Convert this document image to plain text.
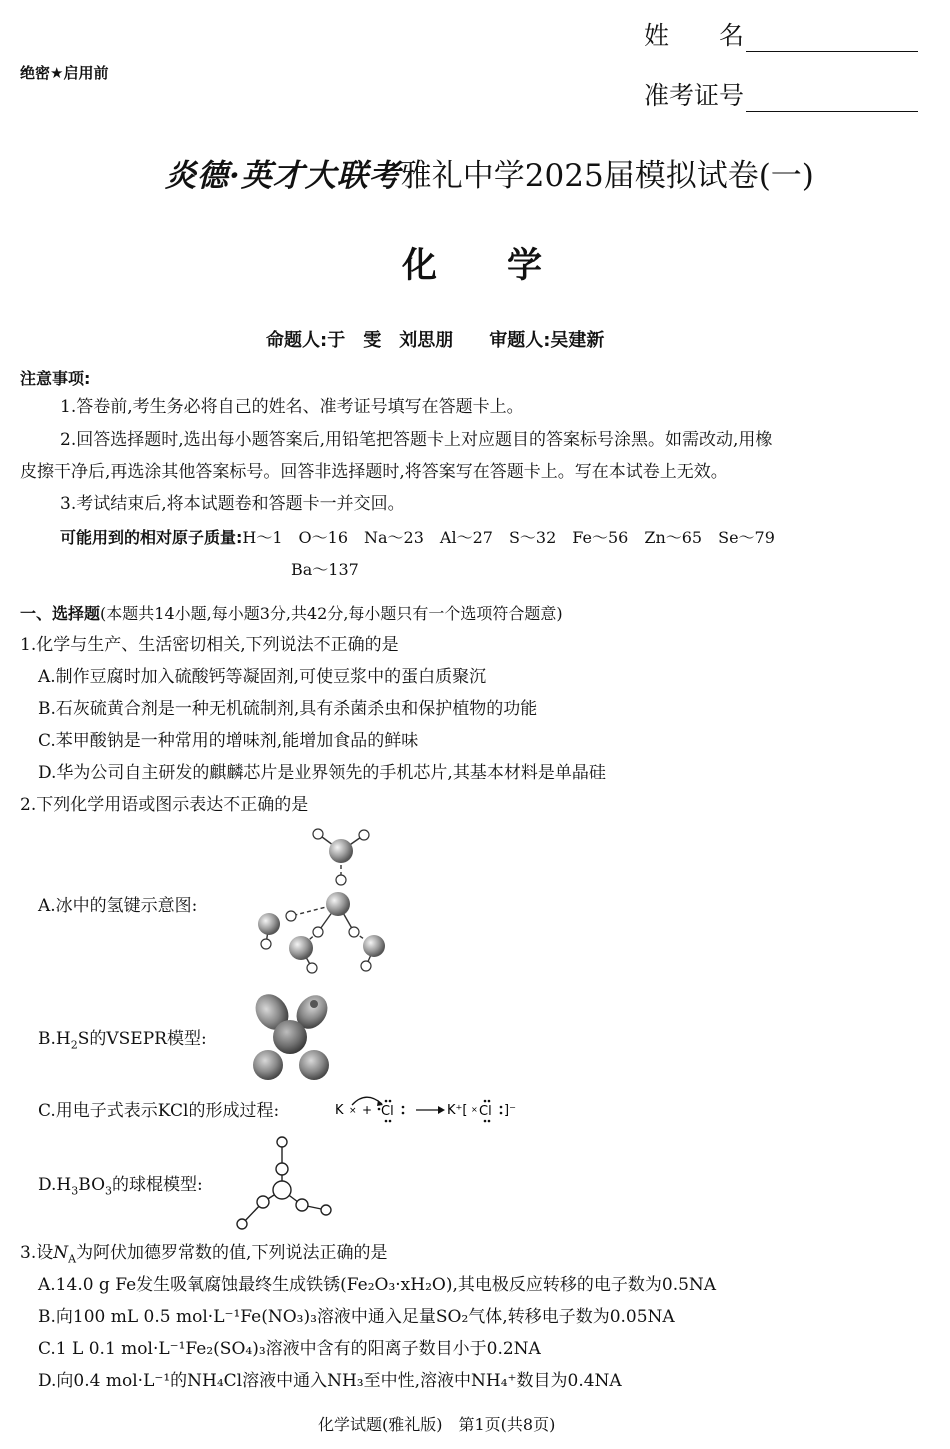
绝密★启用前
姓　　名
准考证号
炎德·英才大联考雅礼中学2025届模拟试卷(一)
化　　学
命题人:于　雯　刘思朋　　审题人:吴建新
注意事项:
1.答卷前,考生务必将自己的姓名、准考证号填写在答题卡上。
2.回答选择题时,选出每小题答案后,用铅笔把答题卡上对应题目的答案标号涂黑。如需改动,用橡
皮擦干净后,再选涂其他答案标号。回答非选择题时,将答案写在答题卡上。写在本试卷上无效。
3.考试结束后,将本试题卷和答题卡一并交回。
可能用到的相对原子质量:H～1　O～16　Na～23　Al～27　S～32　Fe～56　Zn～65　Se～79
Ba～137
一、选择题(本题共14小题,每小题3分,共42分,每小题只有一个选项符合题意)
1.化学与生产、生活密切相关,下列说法不正确的是
A.制作豆腐时加入硫酸钙等凝固剂,可使豆浆中的蛋白质聚沉
B.石灰硫黄合剂是一种无机硫制剂,具有杀菌杀虫和保护植物的功能
C.苯甲酸钠是一种常用的增味剂,能增加食品的鲜味
D.华为公司自主研发的麒麟芯片是业界领先的手机芯片,其基本材料是单晶硅
2.下列化学用语或图示表达不正确的是
A.冰中的氢键示意图:
$B.H_2S$的VSEPR模型:
C.用电子式表示KCl的形成过程:	K × + Cl	K⁺[ × Cl ]⁻
$D.H_3BO_3$的球棍模型:
3.设$N_A$为阿伏加德罗常数的值,下列说法正确的是
A.14.0 g Fe发生吸氧腐蚀最终生成铁锈(Fe₂O₃·xH₂O),其电极反应转移的电子数为0.5NA
B.向100 mL 0.5 mol·L⁻¹Fe(NO₃)₃溶液中通入足量SO₂气体,转移电子数为0.05NA
C.1 L 0.1 mol·L⁻¹Fe₂(SO₄)₃溶液中含有的阳离子数目小于0.2NA
D.向0.4 mol·L⁻¹的NH₄Cl溶液中通入NH₃至中性,溶液中NH₄⁺数目为0.4NA
化学试题(雅礼版)　第1页(共8页)
